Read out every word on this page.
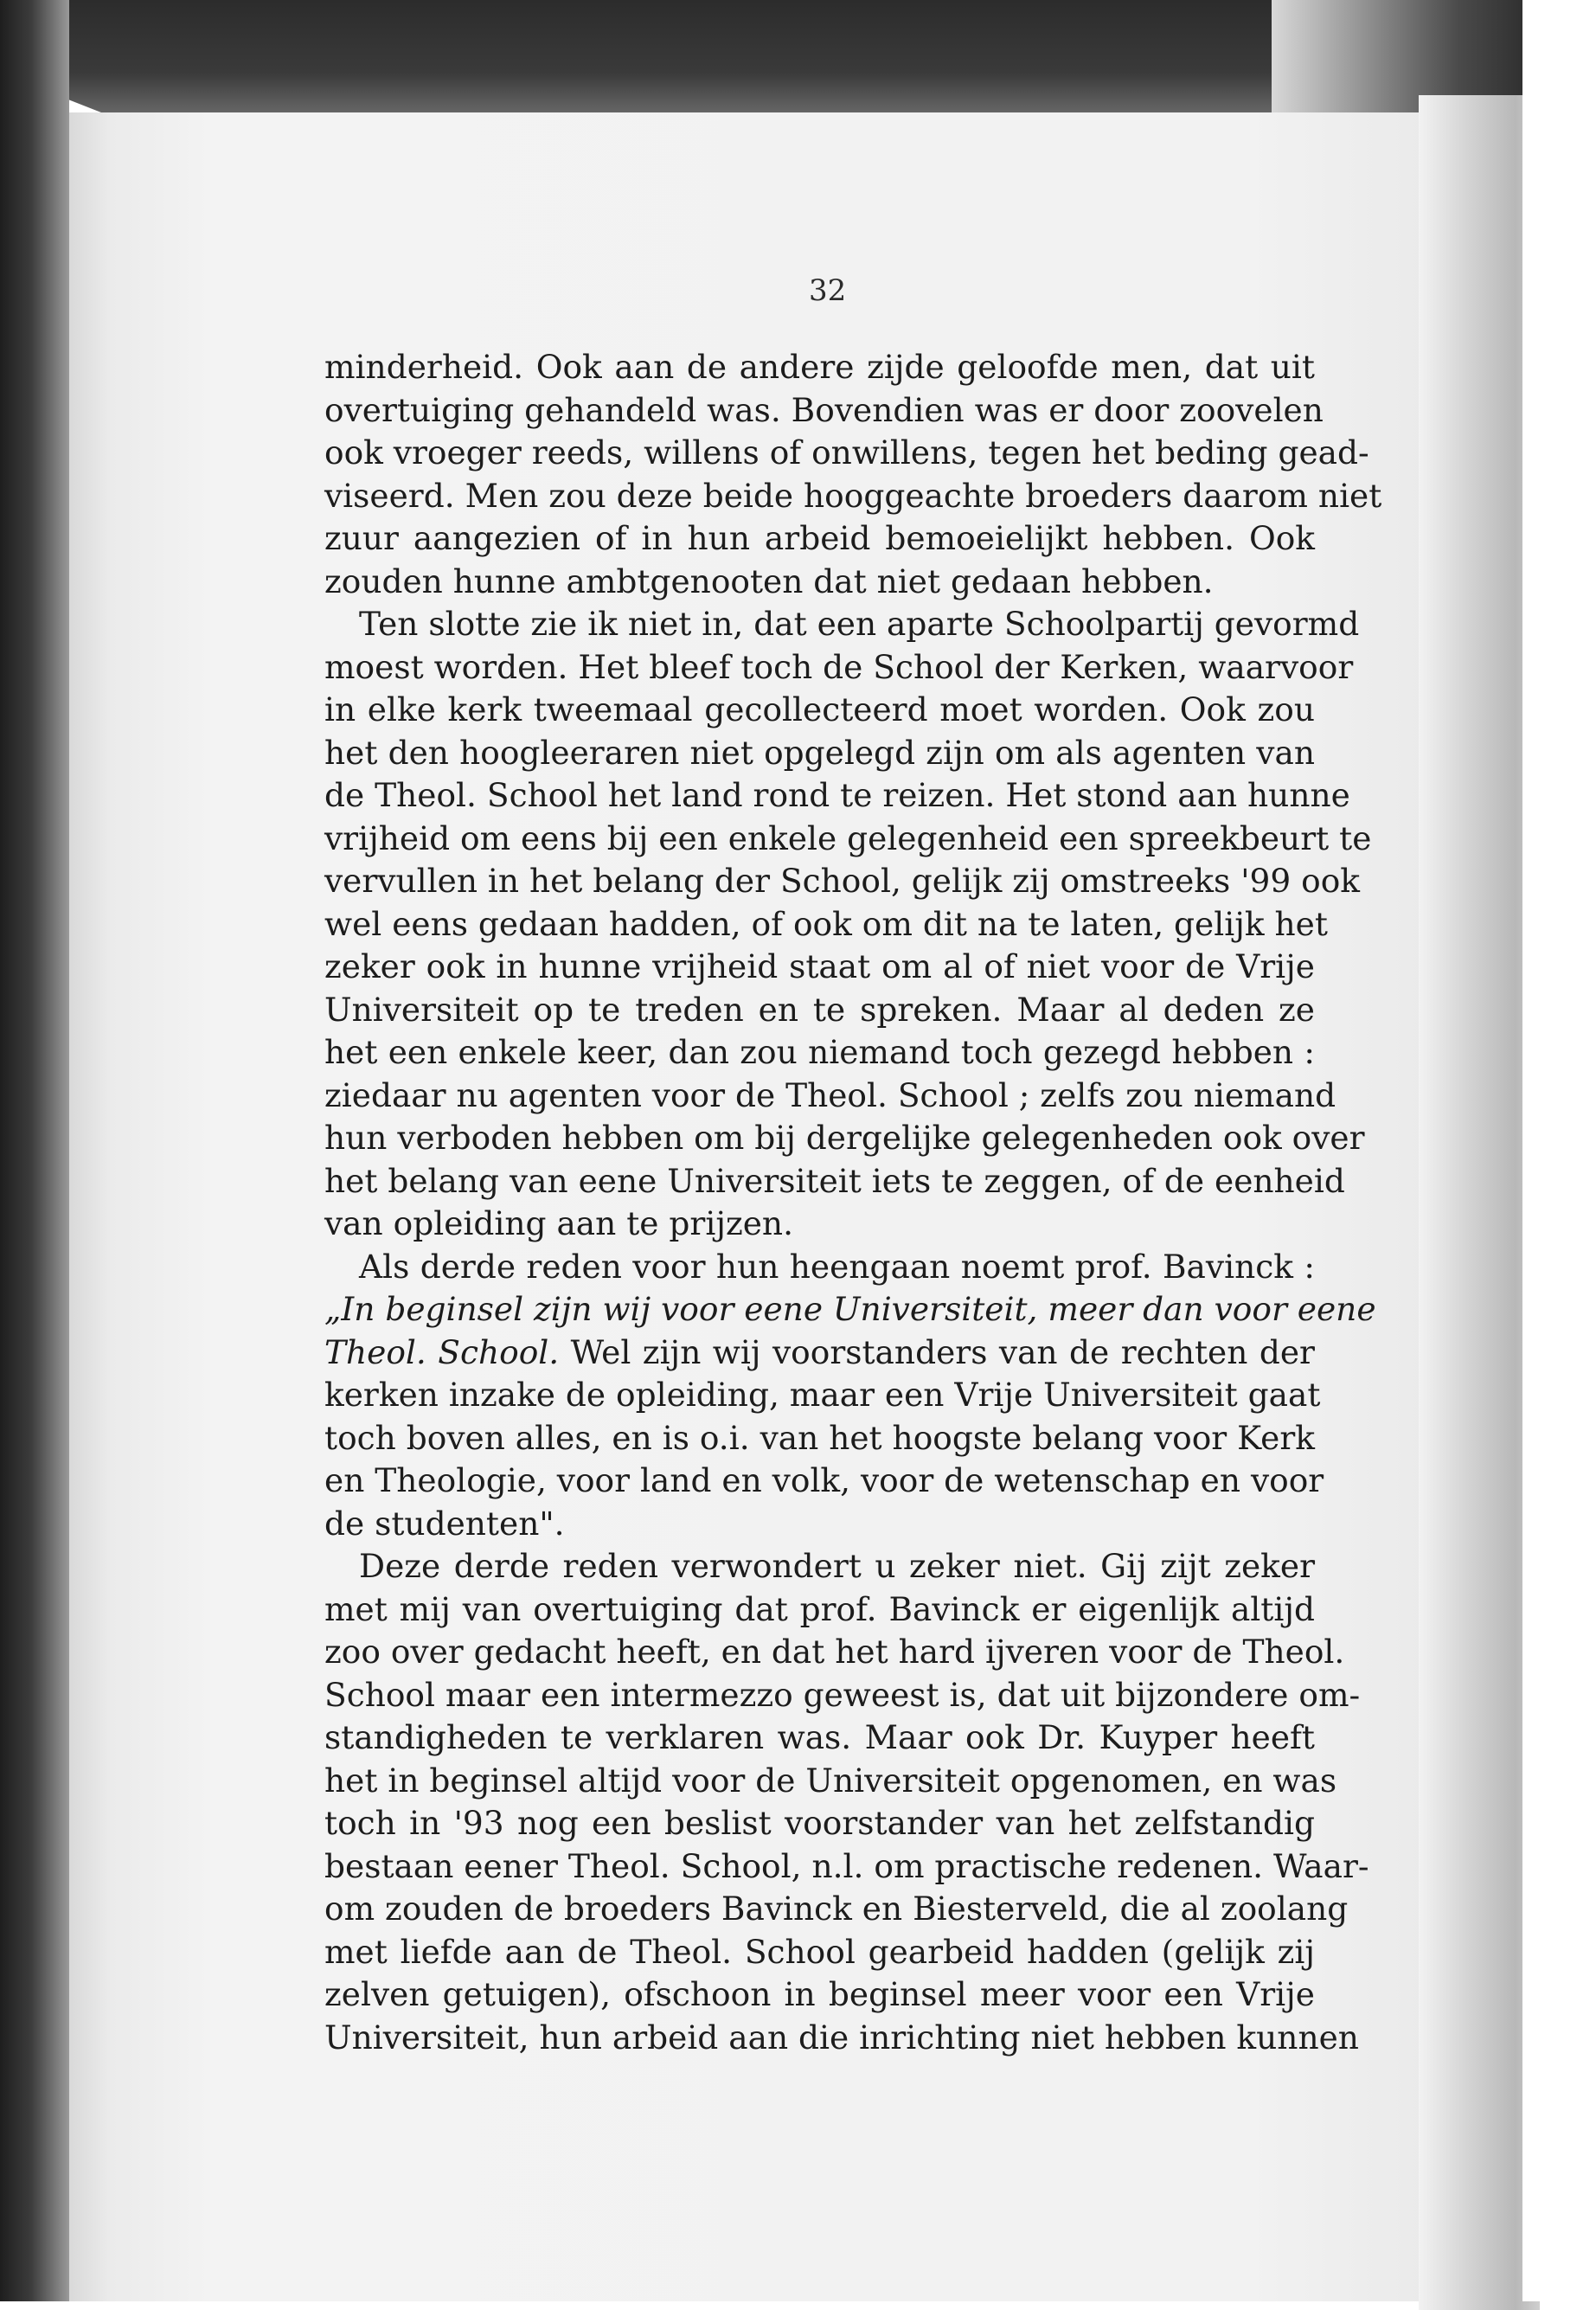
32
minderheid. Ook aan de andere zijde geloofde men, dat uit
overtuiging gehandeld was. Bovendien was er door zoovelen
ook vroeger reeds, willens of onwillens, tegen het beding gead-
viseerd. Men zou deze beide hooggeachte broeders daarom niet
zuur aangezien of in hun arbeid bemoeielijkt hebben. Ook
zouden hunne ambtgenooten dat niet gedaan hebben.
Ten slotte zie ik niet in, dat een aparte Schoolpartij gevormd
moest worden. Het bleef toch de School der Kerken, waarvoor
in elke kerk tweemaal gecollecteerd moet worden. Ook zou
het den hoogleeraren niet opgelegd zijn om als agenten van
de Theol. School het land rond te reizen. Het stond aan hunne
vrijheid om eens bij een enkele gelegenheid een spreekbeurt te
vervullen in het belang der School, gelijk zij omstreeks '99 ook
wel eens gedaan hadden, of ook om dit na te laten, gelijk het
zeker ook in hunne vrijheid staat om al of niet voor de Vrije
Universiteit op te treden en te spreken. Maar al deden ze
het een enkele keer, dan zou niemand toch gezegd hebben :
ziedaar nu agenten voor de Theol. School ; zelfs zou niemand
hun verboden hebben om bij dergelijke gelegenheden ook over
het belang van eene Universiteit iets te zeggen, of de eenheid
van opleiding aan te prijzen.
Als derde reden voor hun heengaan noemt prof. Bavinck :
„In beginsel zijn wij voor eene Universiteit, meer dan voor eene
Theol. School. Wel zijn wij voorstanders van de rechten der
kerken inzake de opleiding, maar een Vrije Universiteit gaat
toch boven alles, en is o.i. van het hoogste belang voor Kerk
en Theologie, voor land en volk, voor de wetenschap en voor
de studenten".
Deze derde reden verwondert u zeker niet. Gij zijt zeker
met mij van overtuiging dat prof. Bavinck er eigenlijk altijd
zoo over gedacht heeft, en dat het hard ijveren voor de Theol.
School maar een intermezzo geweest is, dat uit bijzondere om-
standigheden te verklaren was. Maar ook Dr. Kuyper heeft
het in beginsel altijd voor de Universiteit opgenomen, en was
toch in '93 nog een beslist voorstander van het zelfstandig
bestaan eener Theol. School, n.l. om practische redenen. Waar-
om zouden de broeders Bavinck en Biesterveld, die al zoolang
met liefde aan de Theol. School gearbeid hadden (gelijk zij
zelven getuigen), ofschoon in beginsel meer voor een Vrije
Universiteit, hun arbeid aan die inrichting niet hebben kunnen
